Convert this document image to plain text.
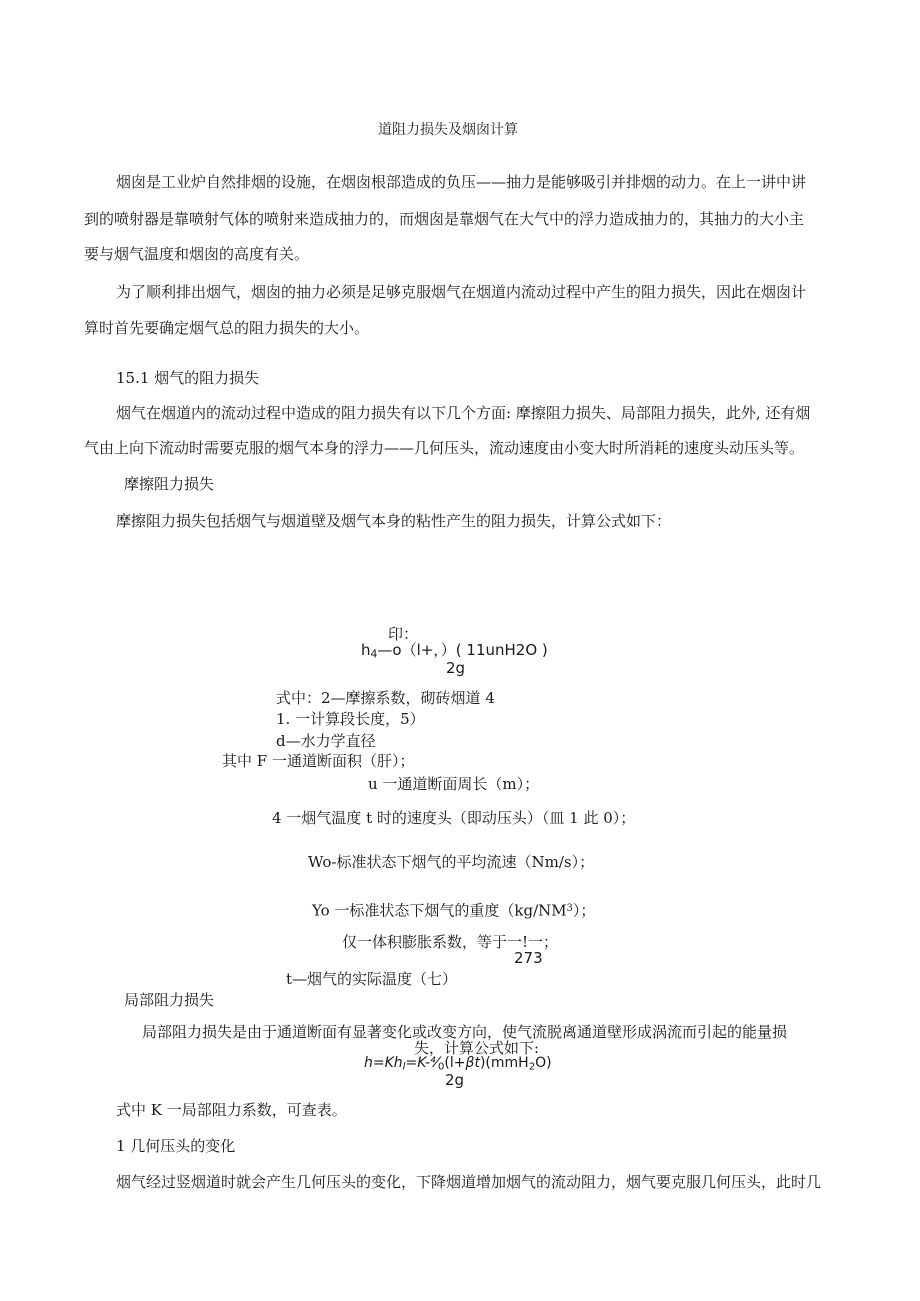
道阻力损失及烟囱计算
烟囱是工业炉自然排烟的设施，在烟囱根部造成的负压——抽力是能够吸引并排烟的动力。在上一讲中讲
到的喷射器是靠喷射气体的喷射来造成抽力的，而烟囱是靠烟气在大气中的浮力造成抽力的，其抽力的大小主
要与烟气温度和烟囱的高度有关。
为了顺利排出烟气，烟囱的抽力必须是足够克服烟气在烟道内流动过程中产生的阻力损失，因此在烟囱计
算时首先要确定烟气总的阻力损失的大小。
15.1 烟气的阻力损失
烟气在烟道内的流动过程中造成的阻力损失有以下几个方面: 摩擦阻力损失、局部阻力损失，此外, 还有烟
气由上向下流动时需要克服的烟气本身的浮力——几何压头，流动速度由小变大时所消耗的速度头动压头等。
摩擦阻力损失
摩擦阻力损失包括烟气与烟道壁及烟气本身的粘性产生的阻力损失，计算公式如下：
印：
$h_4—o(l+$，）( 11unH2O )
2g
式中：2—摩擦系数，砌砖烟道 4
1. 一计算段长度，5）
d—水力学直径
其中 F 一通道断面积（肝）；
u 一通道断面周长（m）；
4 一烟气温度 t 时的速度头（即动压头）（皿 1 此 0）；
Wo-标准状态下烟气的平均流速（Nm/s）；
Yo 一标准状态下烟气的重度$(kg/NM^3)$；
仅一体积膨胀系数，等于一!一；
273
t—烟气的实际温度（七）
局部阻力损失
局部阻力损失是由于通道断面有显著变化或改变方向，使气流脱离通道壁形成涡流而引起的能量损
失，计算公式如下:
$h=Kh_l=K-^4⁄_0(l+\beta t)(mmH_2O)$
2g
式中 K 一局部阻力系数，可查表。
1 几何压头的变化
烟气经过竖烟道时就会产生几何压头的变化，下降烟道增加烟气的流动阻力，烟气要克服几何压头，此时几
